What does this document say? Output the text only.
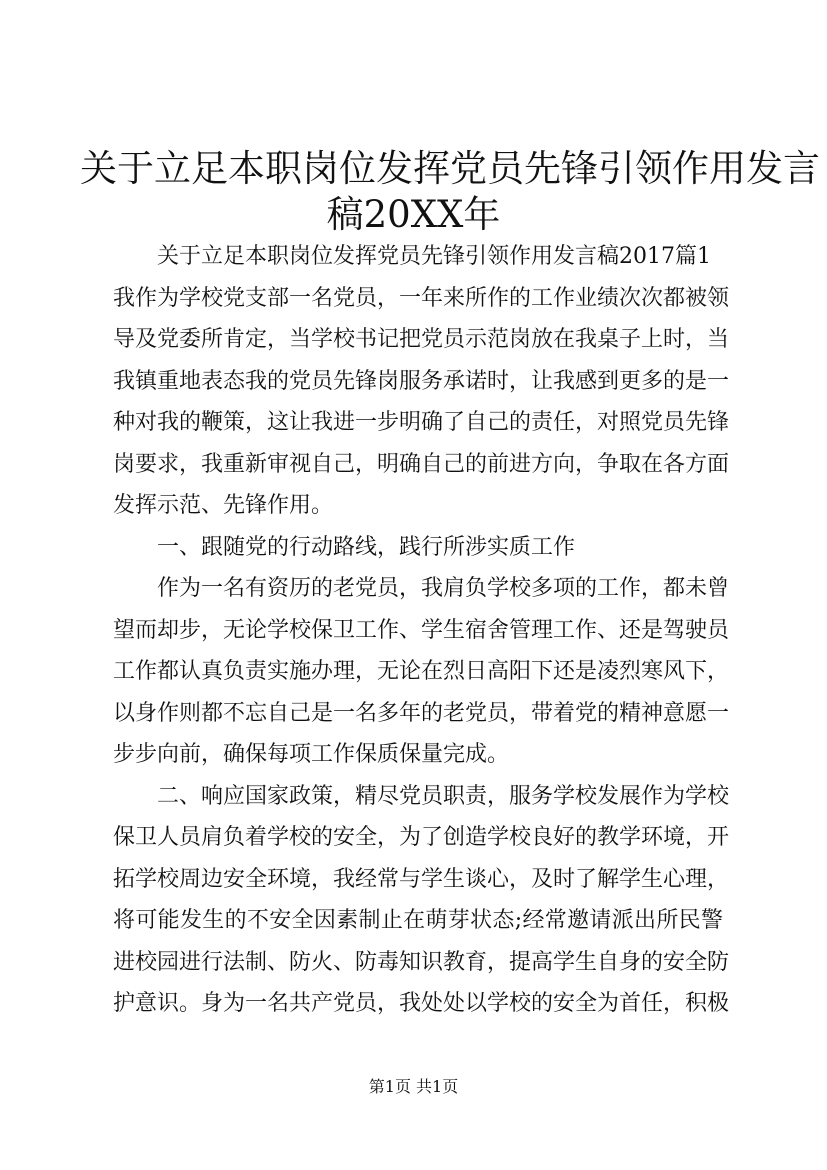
关于立足本职岗位发挥党员先锋引领作用发言
稿20XX年
关于立足本职岗位发挥党员先锋引领作用发言稿2017篇1
我作为学校党支部一名党员，一年来所作的工作业绩次次都被领
导及党委所肯定，当学校书记把党员示范岗放在我桌子上时，当
我镇重地表态我的党员先锋岗服务承诺时，让我感到更多的是一
种对我的鞭策，这让我进一步明确了自己的责任，对照党员先锋
岗要求，我重新审视自己，明确自己的前进方向，争取在各方面
发挥示范、先锋作用。
一、跟随党的行动路线，践行所涉实质工作
作为一名有资历的老党员，我肩负学校多项的工作，都未曾
望而却步，无论学校保卫工作、学生宿舍管理工作、还是驾驶员
工作都认真负责实施办理，无论在烈日高阳下还是凌烈寒风下，
以身作则都不忘自己是一名多年的老党员，带着党的精神意愿一
步步向前，确保每项工作保质保量完成。
二、响应国家政策，精尽党员职责，服务学校发展作为学校
保卫人员肩负着学校的安全，为了创造学校良好的教学环境，开
拓学校周边安全环境，我经常与学生谈心，及时了解学生心理，
将可能发生的不安全因素制止在萌芽状态;经常邀请派出所民警
进校园进行法制、防火、防毒知识教育，提高学生自身的安全防
护意识。身为一名共产党员，我处处以学校的安全为首任，积极
第1页 共1页
